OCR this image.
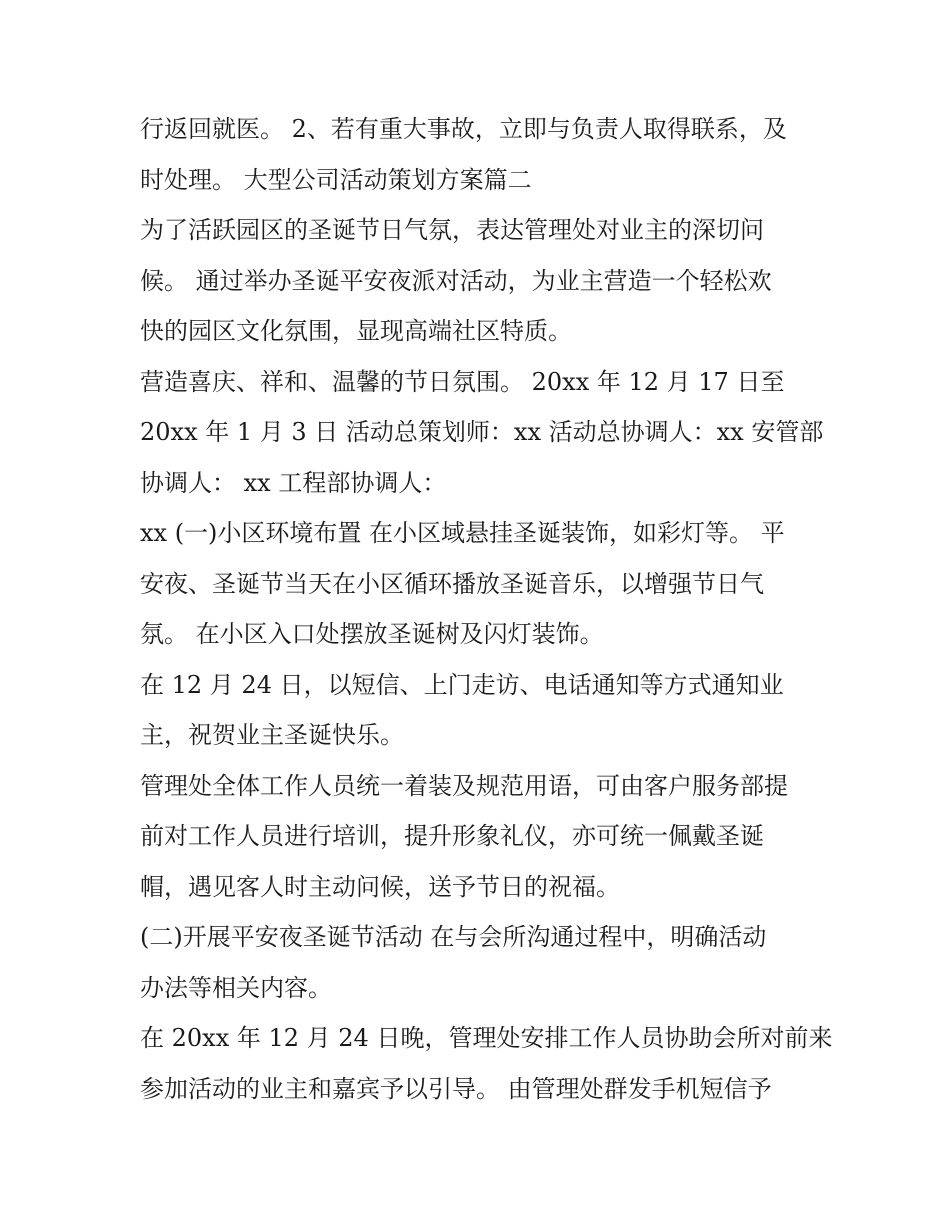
行返回就医。 2、若有重大事故，立即与负责人取得联系，及
时处理。 大型公司活动策划方案篇二
为了活跃园区的圣诞节日气氛，表达管理处对业主的深切问
候。 通过举办圣诞平安夜派对活动，为业主营造一个轻松欢
快的园区文化氛围，显现高端社区特质。
营造喜庆、祥和、温馨的节日氛围。 20xx 年 12 月 17 日至
20xx 年 1 月 3 日 活动总策划师：xx 活动总协调人：xx 安管部
协调人： xx 工程部协调人：
xx (一)小区环境布置 在小区域悬挂圣诞装饰，如彩灯等。 平
安夜、圣诞节当天在小区循环播放圣诞音乐，以增强节日气
氛。 在小区入口处摆放圣诞树及闪灯装饰。
在 12 月 24 日，以短信、上门走访、电话通知等方式通知业
主，祝贺业主圣诞快乐。
管理处全体工作人员统一着装及规范用语，可由客户服务部提
前对工作人员进行培训，提升形象礼仪，亦可统一佩戴圣诞
帽，遇见客人时主动问候，送予节日的祝福。
(二)开展平安夜圣诞节活动 在与会所沟通过程中，明确活动
办法等相关内容。
在 20xx 年 12 月 24 日晚，管理处安排工作人员协助会所对前来
参加活动的业主和嘉宾予以引导。 由管理处群发手机短信予
